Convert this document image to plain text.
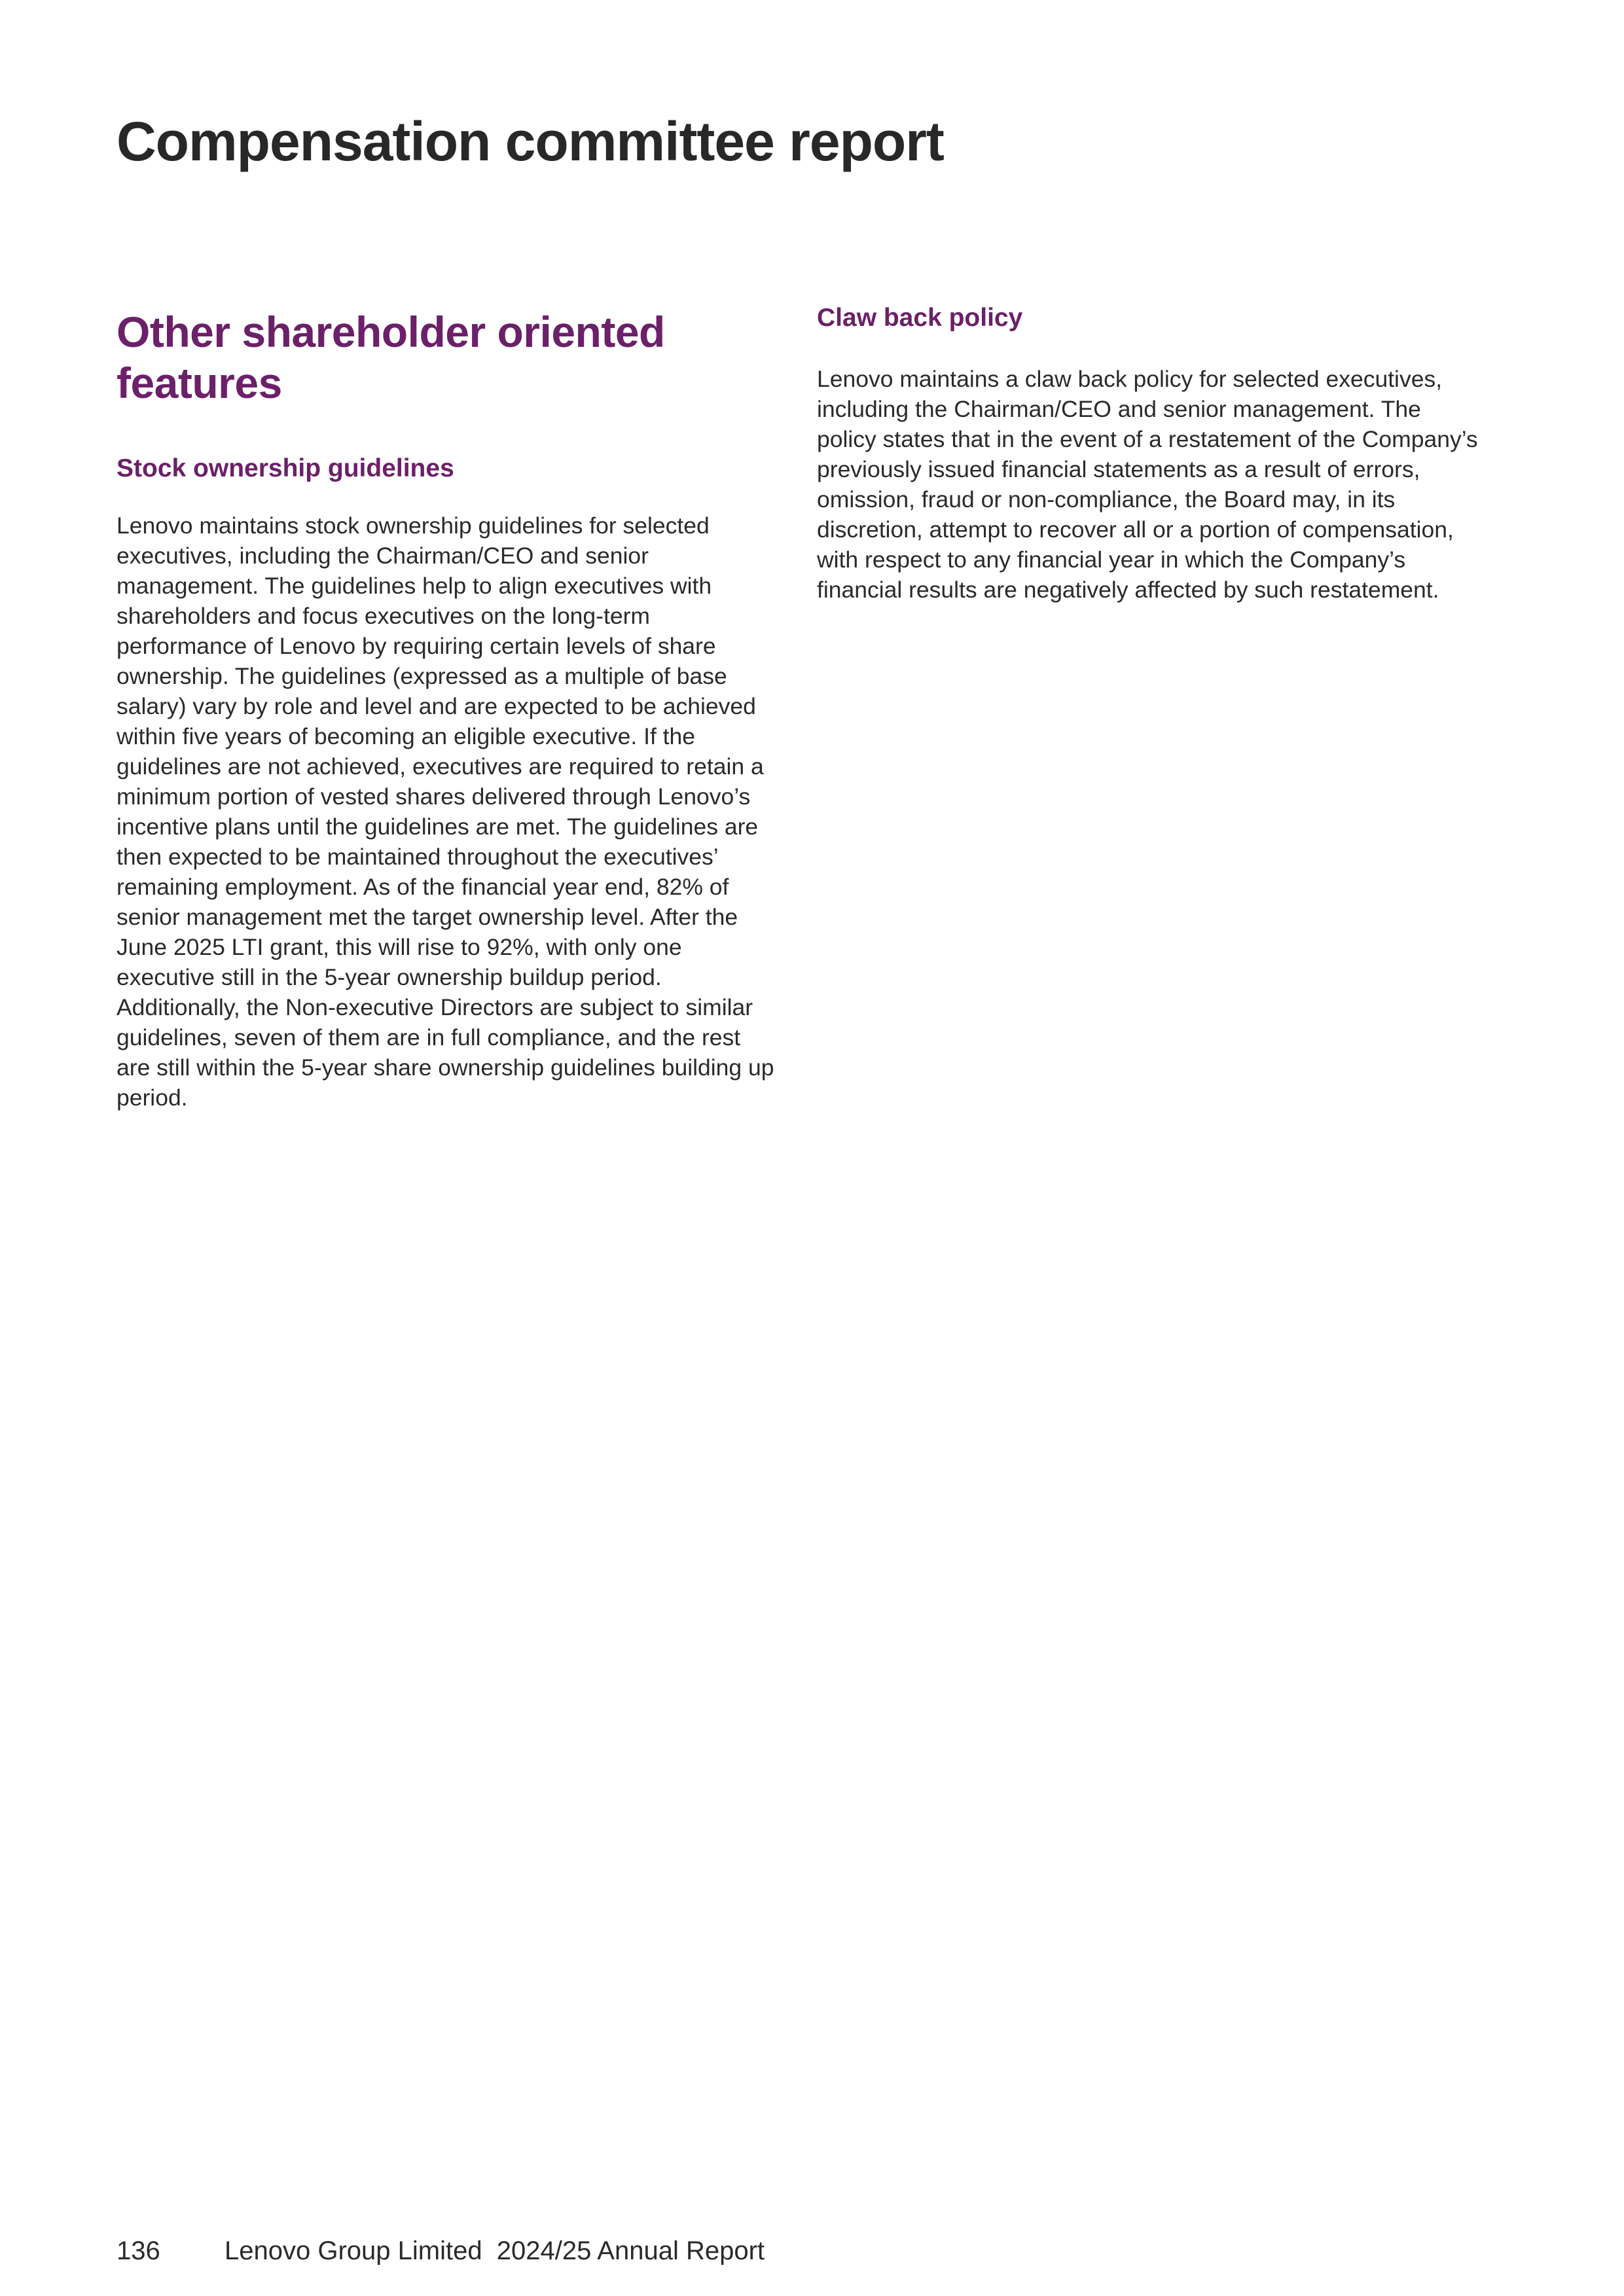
Compensation committee report
Other shareholder oriented features
Stock ownership guidelines

Lenovo maintains stock ownership guidelines for selected executives, including the Chairman/CEO and senior management. The guidelines help to align executives with shareholders and focus executives on the long-term performance of Lenovo by requiring certain levels of share ownership. The guidelines (expressed as a multiple of base salary) vary by role and level and are expected to be achieved within five years of becoming an eligible executive. If the guidelines are not achieved, executives are required to retain a minimum portion of vested shares delivered through Lenovo’s incentive plans until the guidelines are met. The guidelines are then expected to be maintained throughout the executives’ remaining employment. As of the financial year end, 82% of senior management met the target ownership level. After the June 2025 LTI grant, this will rise to 92%, with only one executive still in the 5-year ownership buildup period. Additionally, the Non-executive Directors are subject to similar guidelines, seven of them are in full compliance, and the rest are still within the 5-year share ownership guidelines building up period.

Claw back policy

Lenovo maintains a claw back policy for selected executives, including the Chairman/CEO and senior management. The policy states that in the event of a restatement of the Company’s previously issued financial statements as a result of errors, omission, fraud or non-compliance, the Board may, in its discretion, attempt to recover all or a portion of compensation, with respect to any financial year in which the Company’s financial results are negatively affected by such restatement.

136 Lenovo Group Limited  2024/25 Annual Report
